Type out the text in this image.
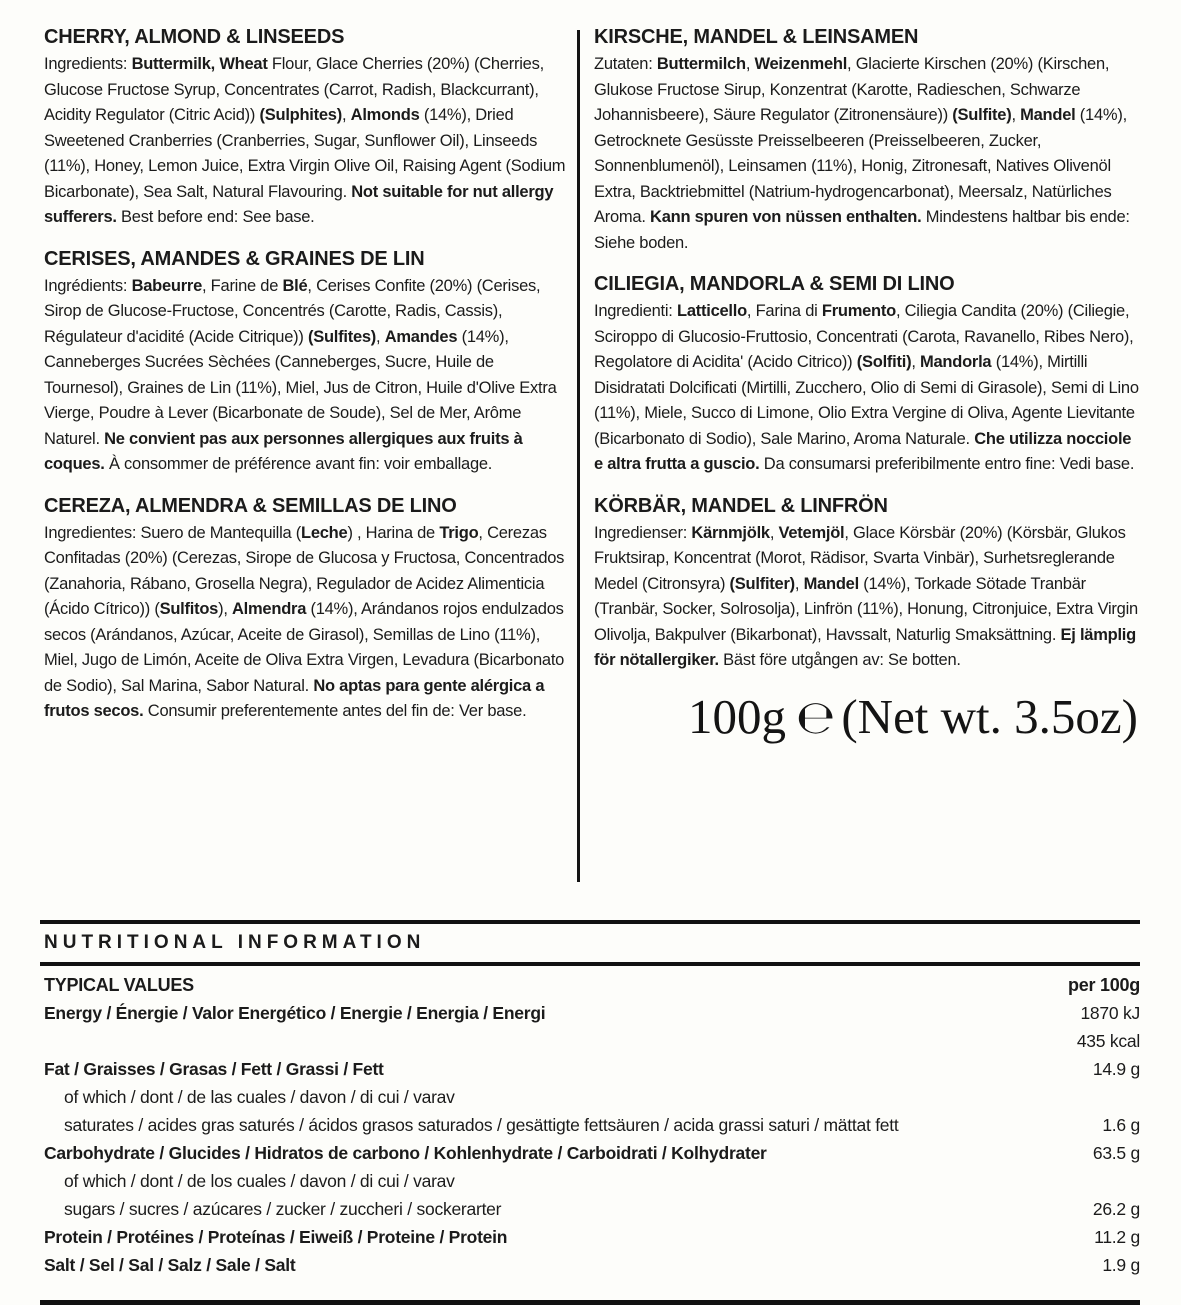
CHERRY, ALMOND & LINSEEDS
Ingredients: Buttermilk, Wheat Flour, Glace Cherries (20%) (Cherries, Glucose Fructose Syrup, Concentrates (Carrot, Radish, Blackcurrant), Acidity Regulator (Citric Acid)) (Sulphites), Almonds (14%), Dried Sweetened Cranberries (Cranberries, Sugar, Sunflower Oil), Linseeds (11%), Honey, Lemon Juice, Extra Virgin Olive Oil, Raising Agent (Sodium Bicarbonate), Sea Salt, Natural Flavouring. Not suitable for nut allergy sufferers. Best before end: See base.
CERISES, AMANDES & GRAINES DE LIN
Ingrédients: Babeurre, Farine de Blé, Cerises Confite (20%) (Cerises, Sirop de Glucose-Fructose, Concentrés (Carotte, Radis, Cassis), Régulateur d'acidité (Acide Citrique)) (Sulfites), Amandes (14%), Canneberges Sucrées Sèchées (Canneberges, Sucre, Huile de Tournesol), Graines de Lin (11%), Miel, Jus de Citron, Huile d'Olive Extra Vierge, Poudre à Lever (Bicarbonate de Soude), Sel de Mer, Arôme Naturel. Ne convient pas aux personnes allergiques aux fruits à coques. À consommer de préférence avant fin: voir emballage.
CEREZA, ALMENDRA & SEMILLAS DE LINO
Ingredientes: Suero de Mantequilla (Leche) , Harina de Trigo, Cerezas Confitadas (20%) (Cerezas, Sirope de Glucosa y Fructosa, Concentrados (Zanahoria, Rábano, Grosella Negra), Regulador de Acidez Alimenticia (Ácido Cítrico)) (Sulfitos), Almendra (14%), Arándanos rojos endulzados secos (Arándanos, Azúcar, Aceite de Girasol), Semillas de Lino (11%), Miel, Jugo de Limón, Aceite de Oliva Extra Virgen, Levadura (Bicarbonato de Sodio), Sal Marina, Sabor Natural. No aptas para gente alérgica a frutos secos. Consumir preferentemente antes del fin de: Ver base.
KIRSCHE, MANDEL & LEINSAMEN
Zutaten: Buttermilch, Weizenmehl, Glacierte Kirschen (20%) (Kirschen, Glukose Fructose Sirup, Konzentrat (Karotte, Radieschen, Schwarze Johannisbeere), Säure Regulator (Zitronensäure)) (Sulfite), Mandel (14%), Getrocknete Gesüsste Preisselbeeren (Preisselbeeren, Zucker, Sonnenblumenöl), Leinsamen (11%), Honig, Zitronesaft, Natives Olivenöl Extra, Backtriebmittel (Natrium-hydrogencarbonat), Meersalz, Natürliches Aroma. Kann spuren von nüssen enthalten. Mindestens haltbar bis ende: Siehe boden.
CILIEGIA, MANDORLA & SEMI DI LINO
Ingredienti: Latticello, Farina di Frumento, Ciliegia Candita (20%) (Ciliegie, Sciroppo di Glucosio-Fruttosio, Concentrati (Carota, Ravanello, Ribes Nero), Regolatore di Acidita' (Acido Citrico)) (Solfiti), Mandorla (14%), Mirtilli Disidratati Dolcificati (Mirtilli, Zucchero, Olio di Semi di Girasole), Semi di Lino (11%), Miele, Succo di Limone, Olio Extra Vergine di Oliva, Agente Lievitante (Bicarbonato di Sodio), Sale Marino, Aroma Naturale. Che utilizza nocciole e altra frutta a guscio. Da consumarsi preferibilmente entro fine: Vedi base.
KÖRBÄR, MANDEL & LINFRÖN
Ingredienser: Kärnmjölk, Vetemjöl, Glace Körsbär (20%) (Körsbär, Glukos Fruktsirap, Koncentrat (Morot, Rädisor, Svarta Vinbär), Surhetsreglerande Medel (Citronsyra) (Sulfiter), Mandel (14%), Torkade Sötade Tranbär (Tranbär, Socker, Solrosolja), Linfrön (11%), Honung, Citronjuice, Extra Virgin Olivolja, Bakpulver (Bikarbonat), Havssalt, Naturlig Smaksättning. Ej lämplig för nötallergiker. Bäst före utgången av: Se botten.
100g ℮ (Net wt. 3.5oz)
NUTRITIONAL INFORMATION
TYPICAL VALUES	per 100g
Energy / Énergie / Valor Energético / Energie / Energia / Energi	1870 kJ
435 kcal
Fat / Graisses / Grasas / Fett / Grassi / Fett	14.9 g
of which / dont / de las cuales / davon / di cui / varav
saturates / acides gras saturés / ácidos grasos saturados / gesättigte fettsäuren / acida grassi saturi / mättat fett	1.6 g
Carbohydrate / Glucides / Hidratos de carbono / Kohlenhydrate / Carboidrati / Kolhydrater	63.5 g
of which / dont / de los cuales / davon / di cui / varav
sugars / sucres / azúcares / zucker / zuccheri / sockerarter	26.2 g
Protein / Protéines / Proteínas / Eiweiß / Proteine / Protein	11.2 g
Salt / Sel / Sal / Salz / Sale / Salt	1.9 g
